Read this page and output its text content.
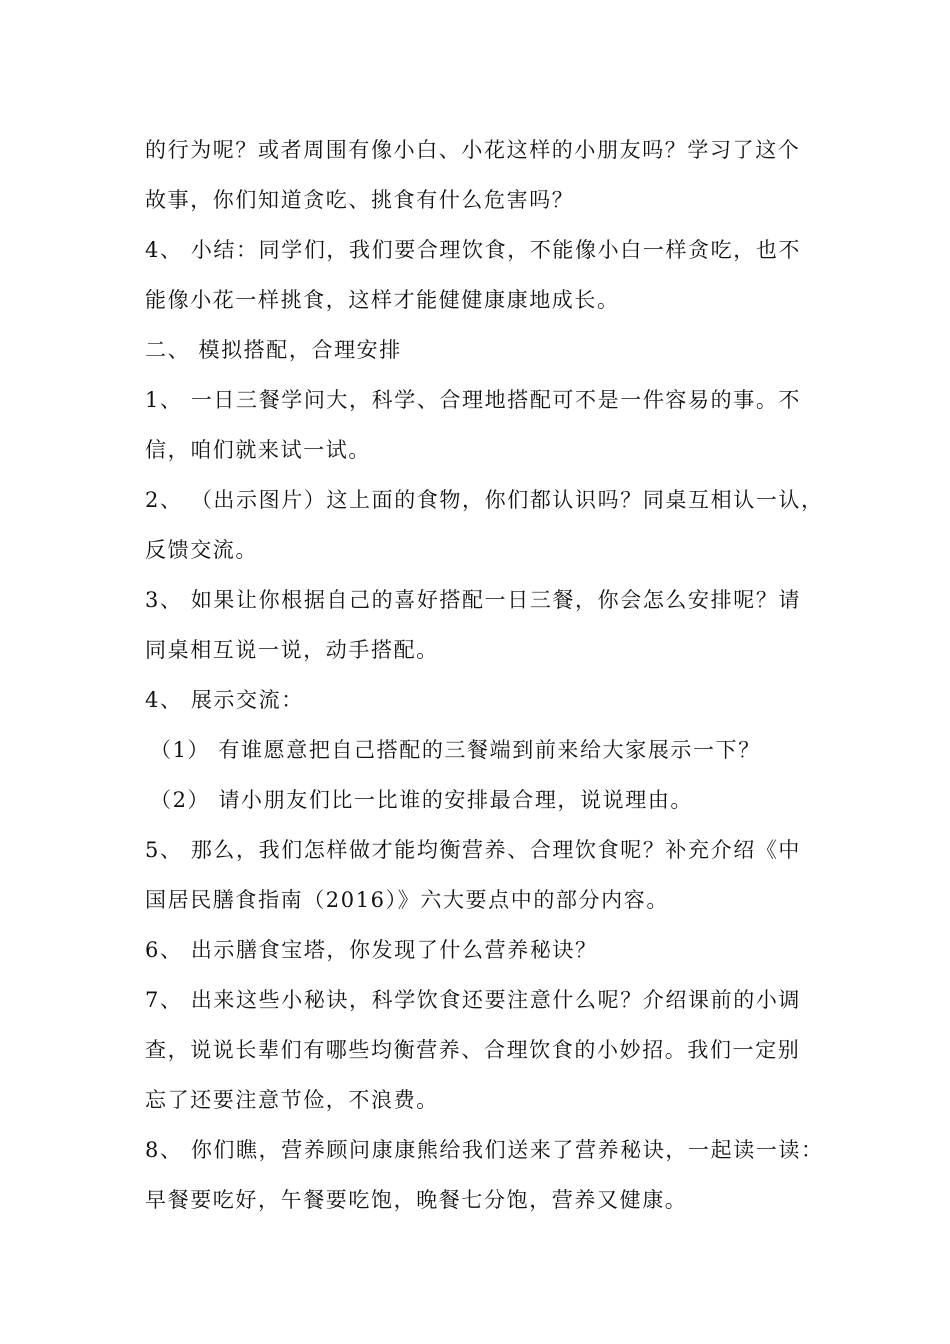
的行为呢？或者周围有像小白、小花这样的小朋友吗？学习了这个
故事，你们知道贪吃、挑食有什么危害吗？
4、 小结：同学们，我们要合理饮食，不能像小白一样贪吃，也不
能像小花一样挑食，这样才能健健康康地成长。
二、 模拟搭配，合理安排
1、 一日三餐学问大，科学、合理地搭配可不是一件容易的事。不
信，咱们就来试一试。
2、 （出示图片）这上面的食物，你们都认识吗？同桌互相认一认，
反馈交流。
3、 如果让你根据自己的喜好搭配一日三餐，你会怎么安排呢？请
同桌相互说一说，动手搭配。
4、 展示交流：
（1） 有谁愿意把自己搭配的三餐端到前来给大家展示一下？
（2） 请小朋友们比一比谁的安排最合理，说说理由。
5、 那么，我们怎样做才能均衡营养、合理饮食呢？补充介绍《中
国居民膳食指南（2016）》六大要点中的部分内容。
6、 出示膳食宝塔，你发现了什么营养秘诀？
7、 出来这些小秘诀，科学饮食还要注意什么呢？介绍课前的小调
查，说说长辈们有哪些均衡营养、合理饮食的小妙招。我们一定别
忘了还要注意节俭，不浪费。
8、 你们瞧，营养顾问康康熊给我们送来了营养秘诀，一起读一读：
早餐要吃好，午餐要吃饱，晚餐七分饱，营养又健康。
